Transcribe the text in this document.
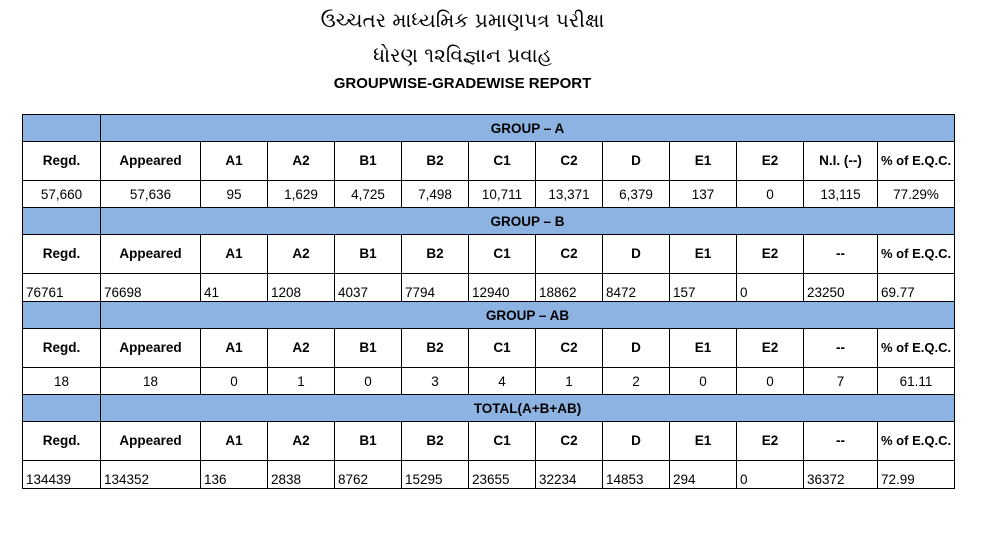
ઉચ્ચતર માધ્યમિક પ્રમાણપત્ર પરીક્ષા
ધોરણ ૧૨વિજ્ઞાન પ્રવાહ
GROUPWISE-GRADEWISE REPORT
	GROUP – A											
Regd.	Appeared	A1	A2	B1	B2	C1	C2	D	E1	E2	N.I. (--)	% of E.Q.C.
57,660	57,636	95	1,629	4,725	7,498	10,711	13,371	6,379	137	0	13,115	77.29%
	GROUP – B											
Regd.	Appeared	A1	A2	B1	B2	C1	C2	D	E1	E2	--	% of E.Q.C.
76761	76698	41	1208	4037	7794	12940	18862	8472	157	0	23250	69.77
	GROUP – AB											
Regd.	Appeared	A1	A2	B1	B2	C1	C2	D	E1	E2	--	% of E.Q.C.
18	18	0	1	0	3	4	1	2	0	0	7	61.11
	TOTAL(A+B+AB)											
Regd.	Appeared	A1	A2	B1	B2	C1	C2	D	E1	E2	--	% of E.Q.C.
134439	134352	136	2838	8762	15295	23655	32234	14853	294	0	36372	72.99
